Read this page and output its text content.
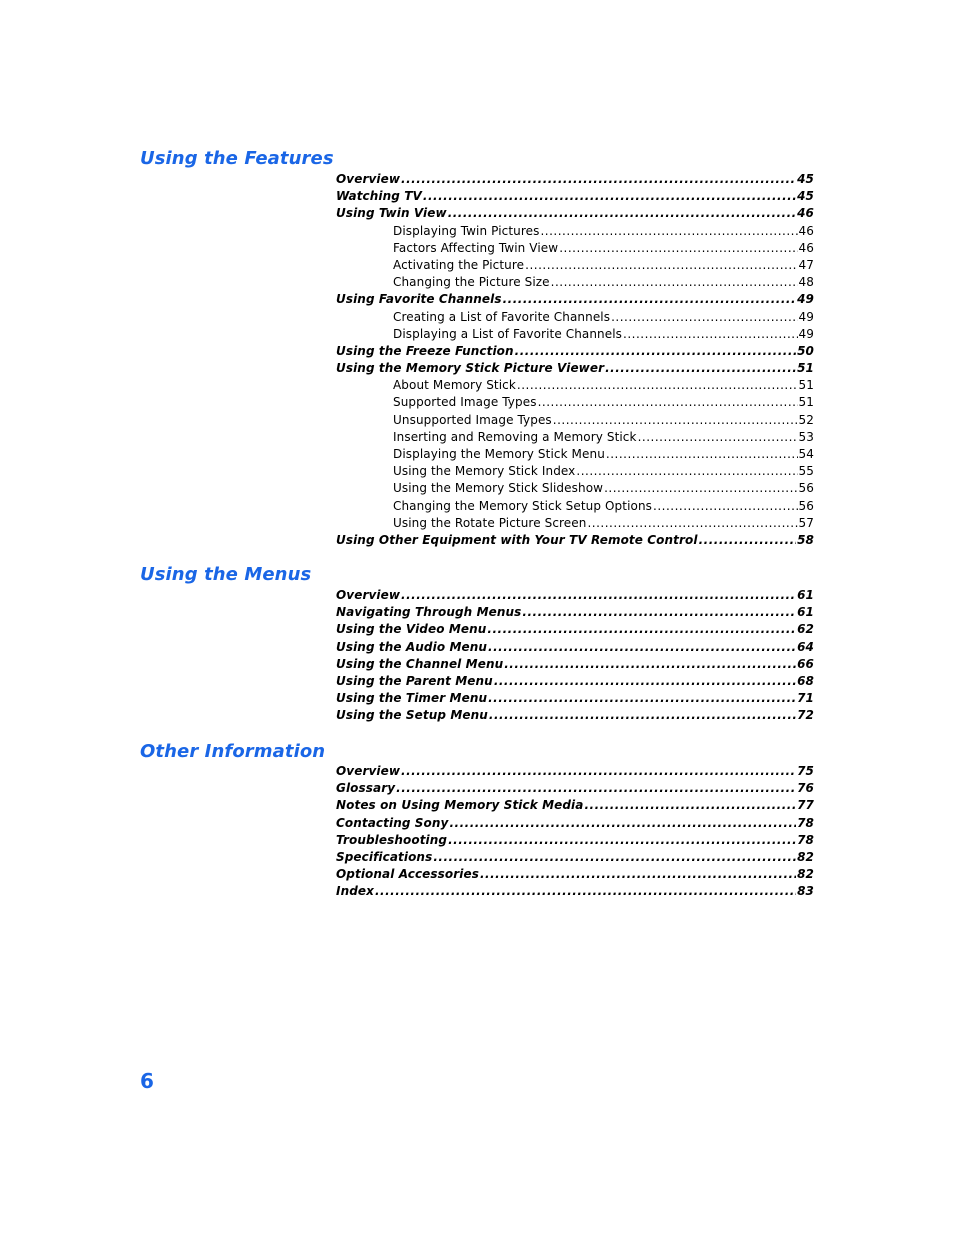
Using the Features
Overview .....	45
Watching TV .....	45
Using Twin View .....	46
Displaying Twin Pictures .....	46
Factors Affecting Twin View .....	46
Activating the Picture .....	47
Changing the Picture Size .....	48
Using Favorite Channels .....	49
Creating a List of Favorite Channels .....	49
Displaying a List of Favorite Channels .....	49
Using the Freeze Function .....	50
Using the Memory Stick Picture Viewer .....	51
About Memory Stick .....	51
Supported Image Types .....	51
Unsupported Image Types .....	52
Inserting and Removing a Memory Stick .....	53
Displaying the Memory Stick Menu .....	54
Using the Memory Stick Index .....	55
Using the Memory Stick Slideshow .....	56
Changing the Memory Stick Setup Options .....	56
Using the Rotate Picture Screen .....	57
Using Other Equipment with Your TV Remote Control .....	58
Using the Menus
Overview .....	61
Navigating Through Menus .....	61
Using the Video Menu .....	62
Using the Audio Menu .....	64
Using the Channel Menu .....	66
Using the Parent Menu .....	68
Using the Timer Menu .....	71
Using the Setup Menu .....	72
Other Information
Overview .....	75
Glossary .....	76
Notes on Using Memory Stick Media .....	77
Contacting Sony .....	78
Troubleshooting .....	78
Specifications .....	82
Optional Accessories .....	82
Index .....	83
6
